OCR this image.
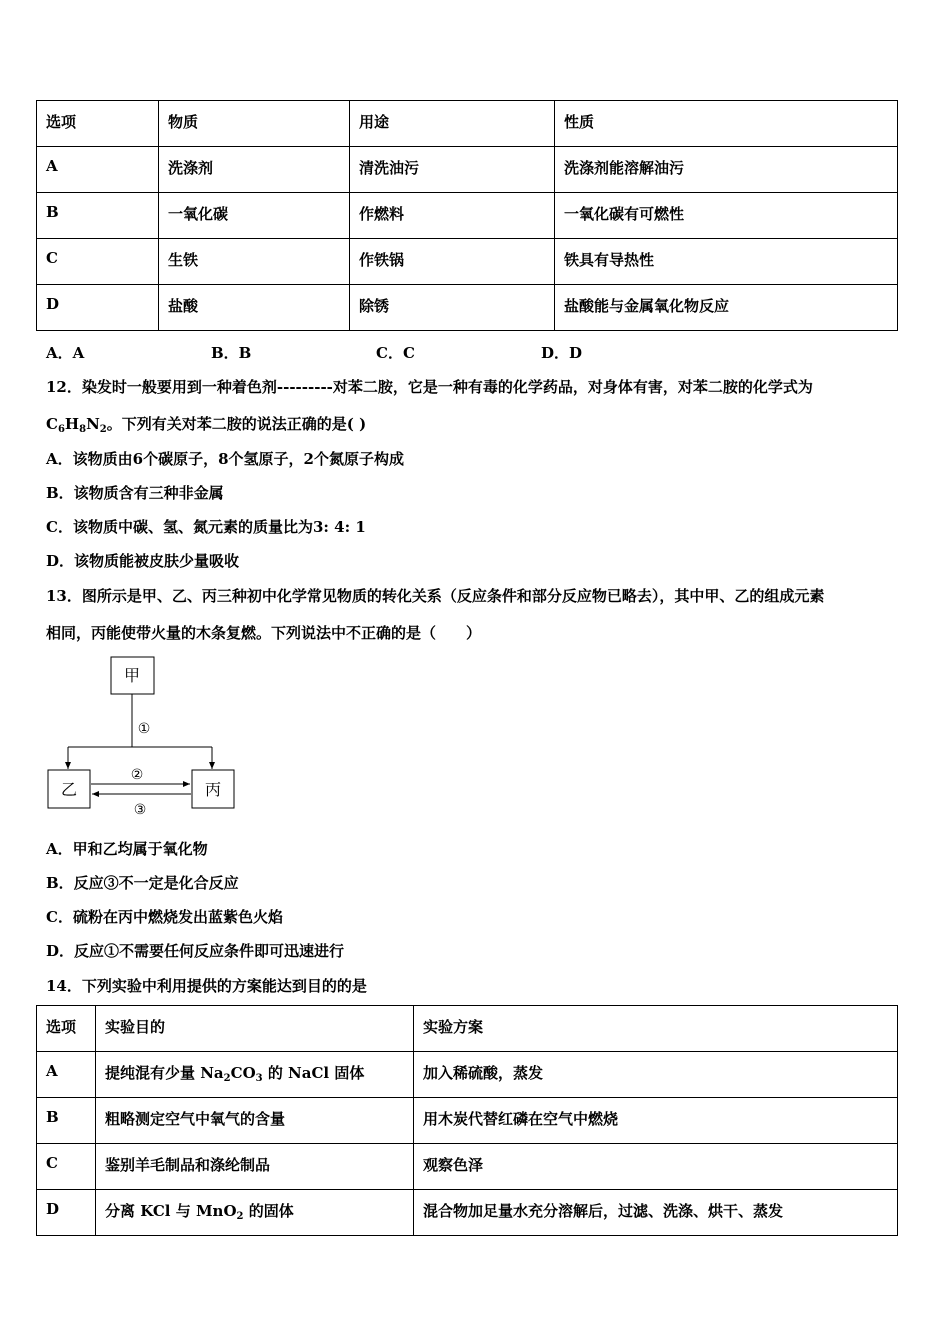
选项	物质	用途	性质
A	洗涤剂	清洗油污	洗涤剂能溶解油污
B	一氧化碳	作燃料	一氧化碳有可燃性
C	生铁	作铁锅	铁具有导热性
D	盐酸	除锈	盐酸能与金属氧化物反应
A．A	B．B	C．C	D．D
12．染发时一般要用到一种着色剂---------对苯二胺，它是一种有毒的化学药品，对身体有害，对苯二胺的化学式为
$C_6H_8N_2$。下列有关对苯二胺的说法正确的是( )
A．该物质由6个碳原子，8个氢原子，2个氮原子构成
B．该物质含有三种非金属
C．该物质中碳、氢、氮元素的质量比为3: 4: 1
D．该物质能被皮肤少量吸收
13．图所示是甲、乙、丙三种初中化学常见物质的转化关系（反应条件和部分反应物已略去），其中甲、乙的组成元素
相同，丙能使带火量的木条复燃。下列说法中不正确的是（　　）
甲
①
乙	丙
②
③
A．甲和乙均属于氧化物
B．反应③不一定是化合反应
C．硫粉在丙中燃烧发出蓝紫色火焰
D．反应①不需要任何反应条件即可迅速进行
14．下列实验中利用提供的方案能达到目的的是
选项	实验目的	实验方案
A	提纯混有少量 $Na_2CO_3$ 的 NaCl 固体	加入稀硫酸，蒸发
B	粗略测定空气中氧气的含量	用木炭代替红磷在空气中燃烧
C	鉴别羊毛制品和涤纶制品	观察色泽
D	分离 KCl 与 MnO$_2$ 的固体	混合物加足量水充分溶解后，过滤、洗涤、烘干、蒸发
